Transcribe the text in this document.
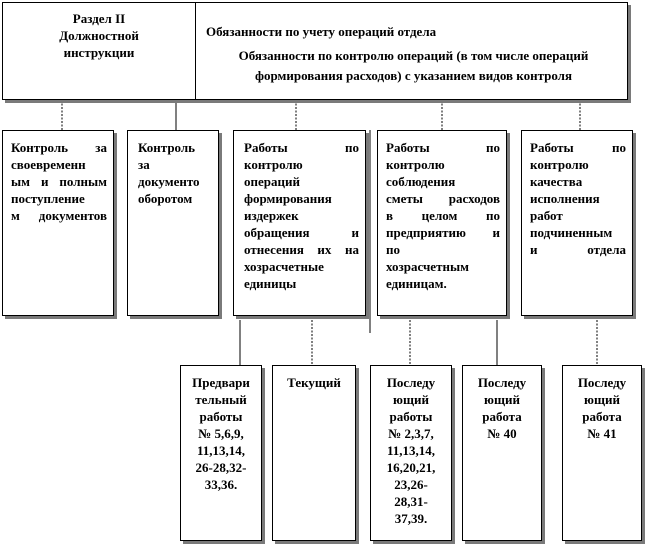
Раздел II
Должностной
инструкции
Обязанности по учету операций отдела
Обязанности по контролю операций (в том числе операций
формирования расходов) с указанием видов контроля
Контроль за
своевременн
ым и полным
поступление
м документов
Контроль
за
документо
оборотом
Работы по
контролю
операций
формирования
издержек
обращения и
отнесения их на
хозрасчетные
единицы
Работы по
контролю
соблюдения
сметы расходов
в целом по
предприятию и
по
хозрасчетным
единицам.
Работы по
контролю
качества
исполнения
работ
подчиненным
и отдела
Предвари
тельный
работы
№ 5,6,9,
11,13,14,
26-28,32-
33,36.
Текущий	Последу
ющий
работы
№ 2,3,7,
11,13,14,
16,20,21,
23,26-
28,31-
37,39.
Последу
ющий
работа
№ 40
Последу
ющий
работа
№ 41
